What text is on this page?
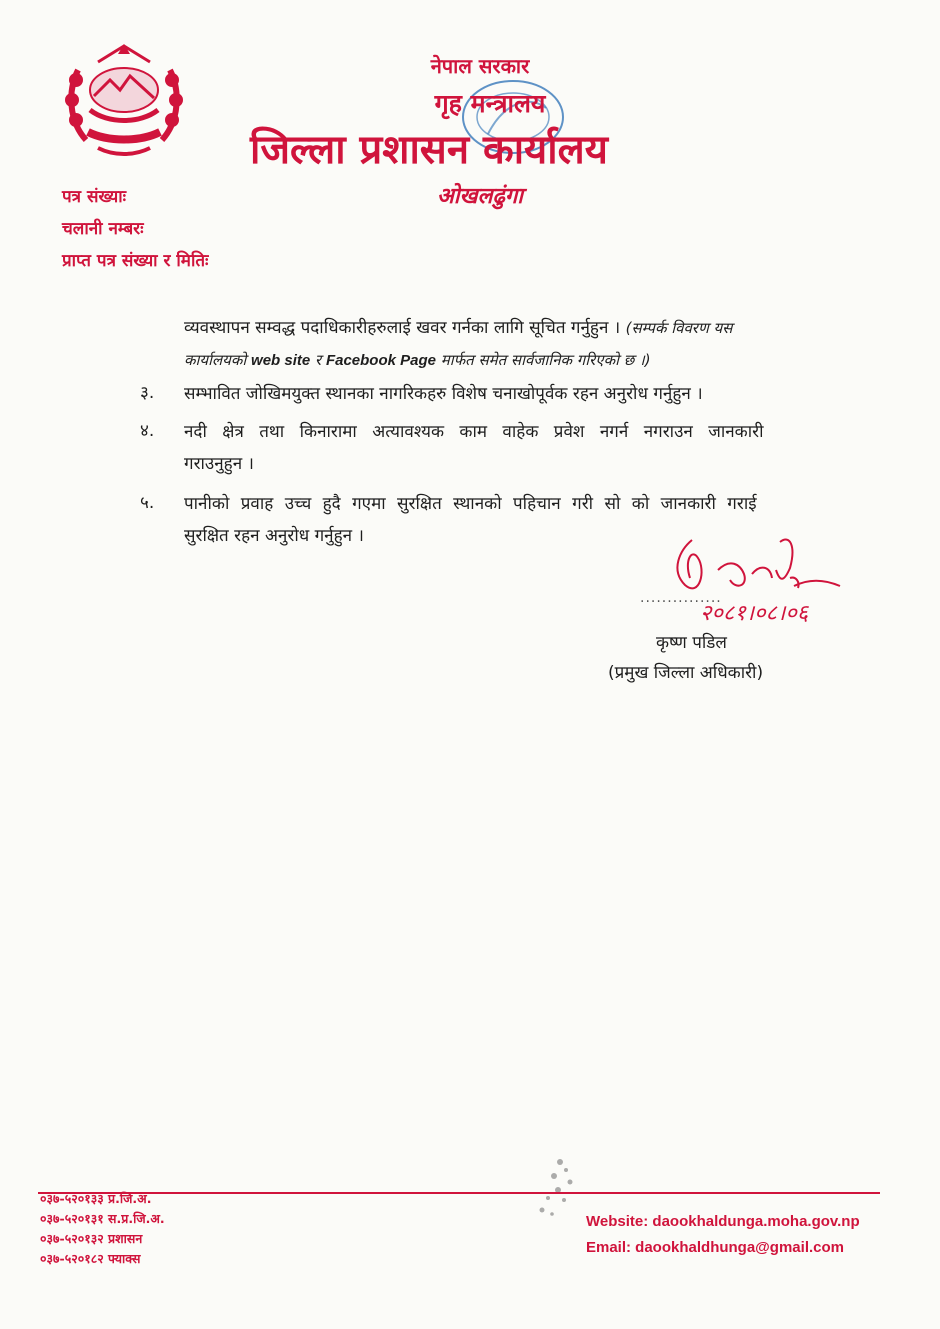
नेपाल सरकार
गृह मन्त्रालय
जिल्ला प्रशासन कार्यालय
ओखलढुंगा
पत्र संख्याः
चलानी नम्बरः
प्राप्त पत्र संख्या र मितिः
व्यवस्थापन सम्वद्ध पदाधिकारीहरुलाई खवर गर्नका लागि सूचित गर्नुहुन । (सम्पर्क विवरण यस
कार्यालयको web site र Facebook Page मार्फत समेत सार्वजानिक गरिएको छ ।)
३. सम्भावित जोखिमयुक्त स्थानका नागरिकहरु विशेष चनाखोपूर्वक रहन अनुरोध गर्नुहुन ।
४. नदी क्षेत्र तथा किनारामा अत्यावश्यक काम वाहेक प्रवेश नगर्न नगराउन जानकारी
गराउनुहुन ।
५. पानीको प्रवाह उच्च हुदै गएमा सुरक्षित स्थानको पहिचान गरी सो को जानकारी गराई
सुरक्षित रहन अनुरोध गर्नुहुन ।
२०८१।०८।०६
...............
कृष्ण पडिल
(प्रमुख जिल्ला अधिकारी)
०३७-५२०१३३ प्र.जि.अ.
०३७-५२०१३१ स.प्र.जि.अ.
०३७-५२०१३२ प्रशासन
०३७-५२०१८२ फ्याक्स
Website: daookhaldunga.moha.gov.np
Email: daookhaldhunga@gmail.com
